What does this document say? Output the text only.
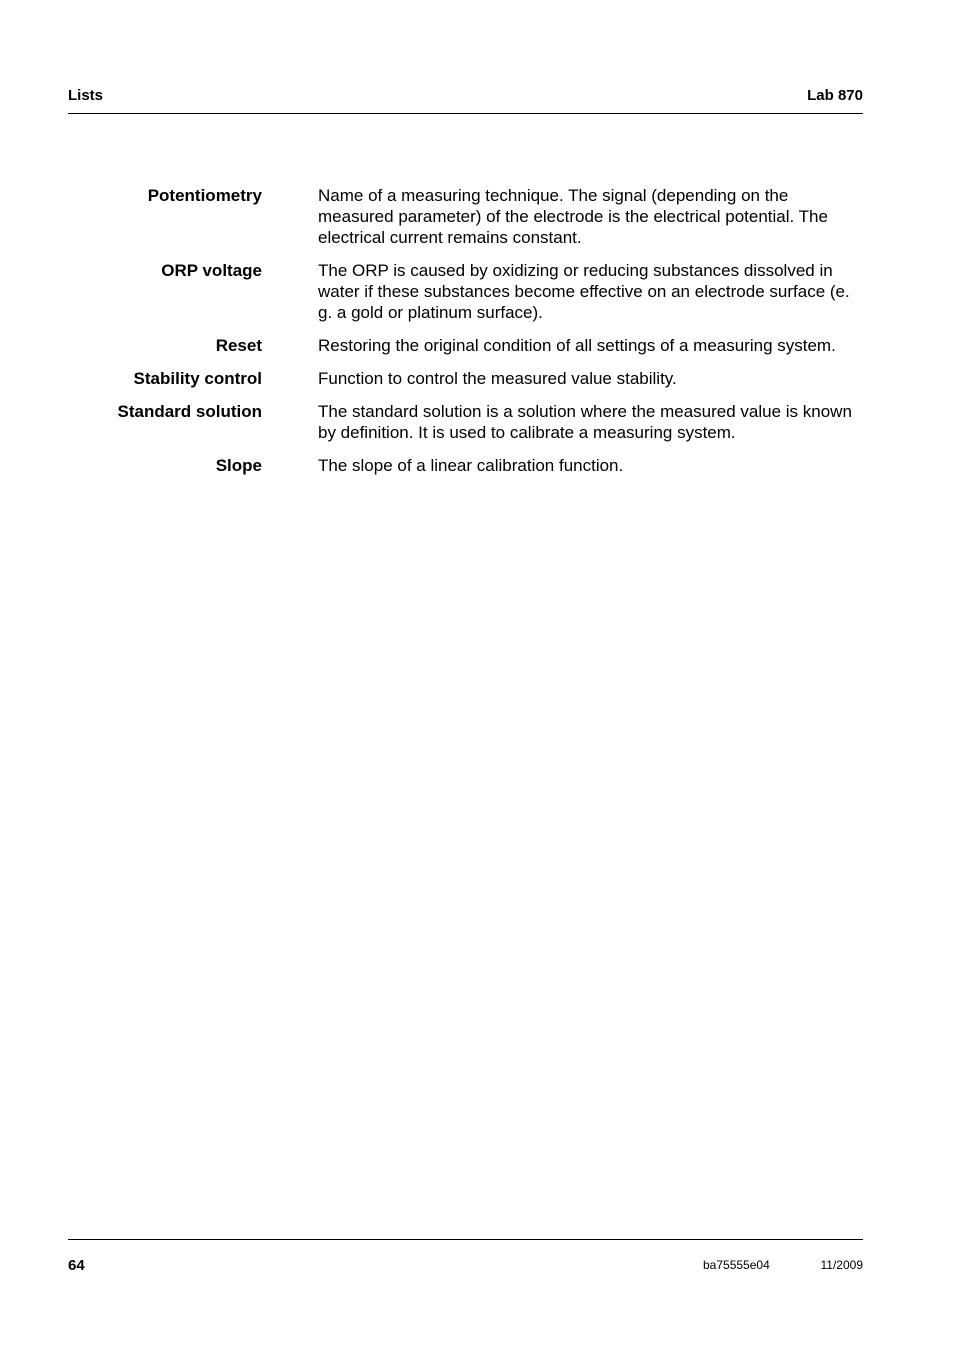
Lists	Lab 870
Potentiometry	Name of a measuring technique. The signal (depending on the measured parameter) of the electrode is the electrical potential. The electrical current remains constant.
ORP voltage	The ORP is caused by oxidizing or reducing substances dissolved in water if these substances become effective on an electrode surface (e. g. a gold or platinum surface).
Reset	Restoring the original condition of all settings of a measuring system.
Stability control	Function to control the measured value stability.
Standard solution	The standard solution is a solution where the measured value is known by definition. It is used to calibrate a measuring system.
Slope	The slope of a linear calibration function.
64	ba75555e04	11/2009
